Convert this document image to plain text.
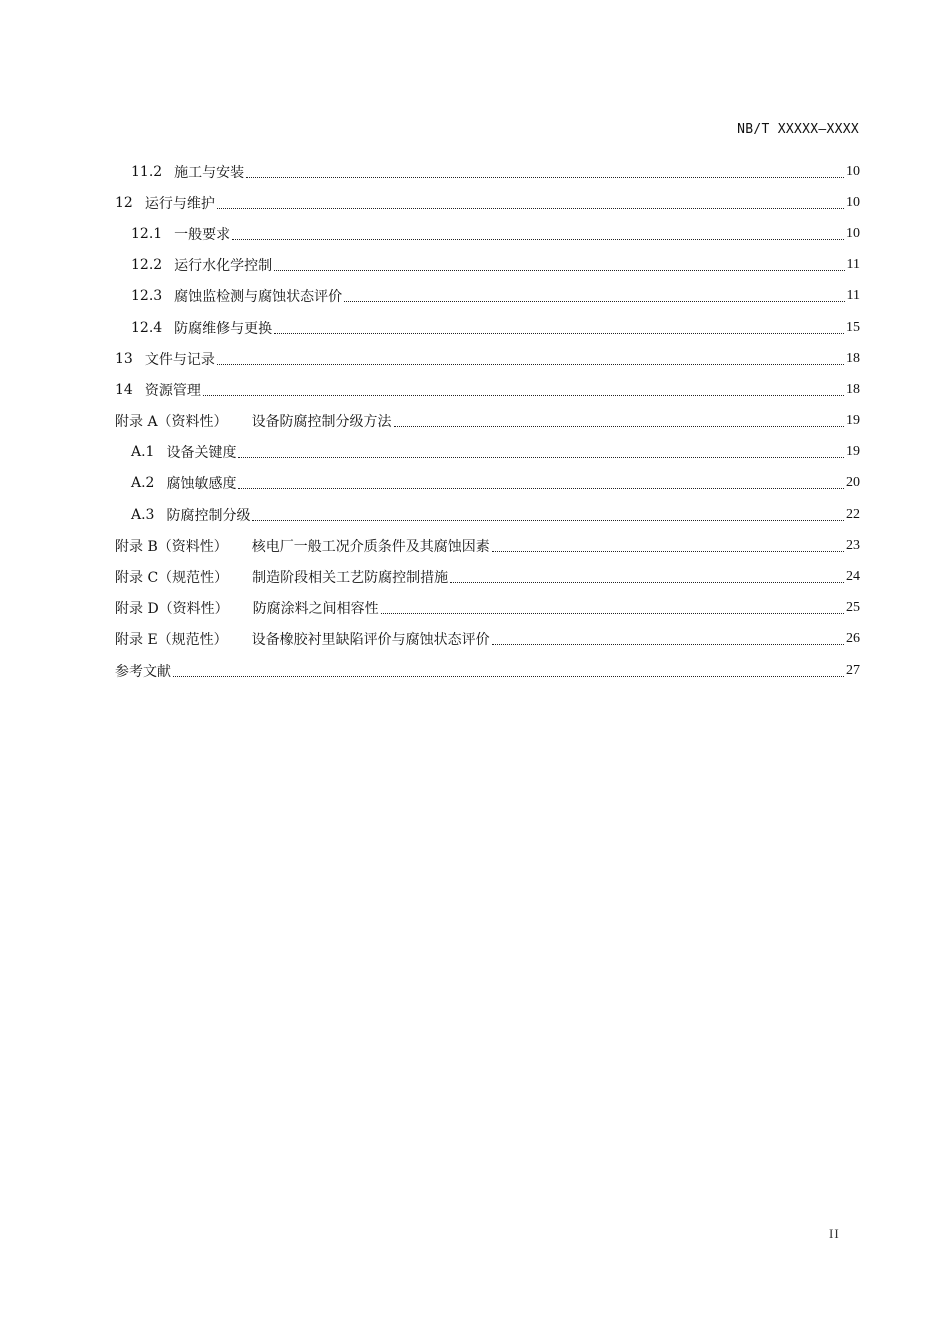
NB/T XXXXX—XXXX
11.2 施工与安装	10
12 运行与维护	10
12.1 一般要求	10
12.2 运行水化学控制	11
12.3 腐蚀监检测与腐蚀状态评价	11
12.4 防腐维修与更换	15
13 文件与记录	18
14 资源管理	18
附录 A（资料性） 设备防腐控制分级方法	19
A.1 设备关键度	19
A.2 腐蚀敏感度	20
A.3 防腐控制分级	22
附录 B（资料性） 核电厂一般工况介质条件及其腐蚀因素	23
附录 C（规范性） 制造阶段相关工艺防腐控制措施	24
附录 D（资料性） 防腐涂料之间相容性	25
附录 E（规范性） 设备橡胶衬里缺陷评价与腐蚀状态评价	26
参考文献	27
II
